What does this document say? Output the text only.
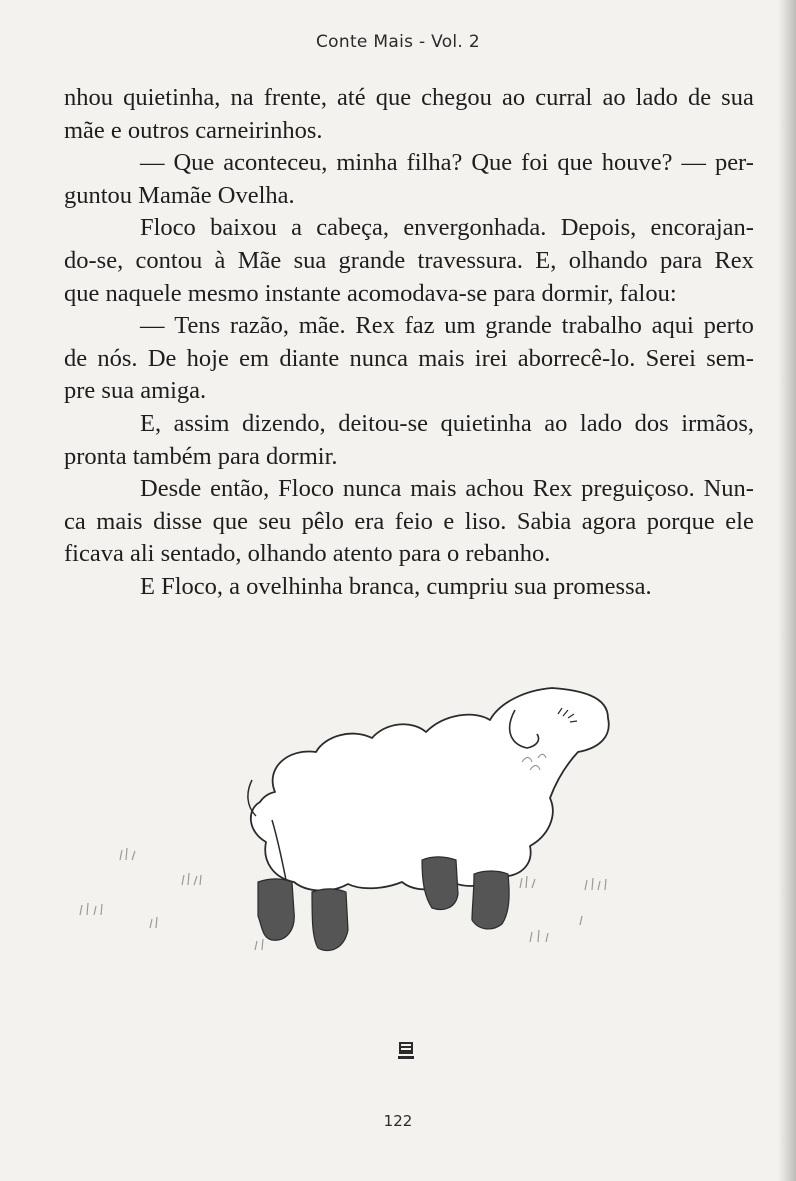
Conte Mais - Vol. 2
nhou quietinha, na frente, até que chegou ao curral ao lado de sua
mãe e outros carneirinhos.
— Que aconteceu, minha filha? Que foi que houve? — per-
guntou Mamãe Ovelha.
Floco baixou a cabeça, envergonhada. Depois, encorajan-
do-se, contou à Mãe sua grande travessura. E, olhando para Rex
que naquele mesmo instante acomodava-se para dormir, falou:
— Tens razão, mãe. Rex faz um grande trabalho aqui perto
de nós. De hoje em diante nunca mais irei aborrecê-lo. Serei sem-
pre sua amiga.
E, assim dizendo, deitou-se quietinha ao lado dos irmãos,
pronta também para dormir.
Desde então, Floco nunca mais achou Rex preguiçoso. Nun-
ca mais disse que seu pêlo era feio e liso. Sabia agora porque ele
ficava ali sentado, olhando atento para o rebanho.
E Floco, a ovelhinha branca, cumpriu sua promessa.
122
